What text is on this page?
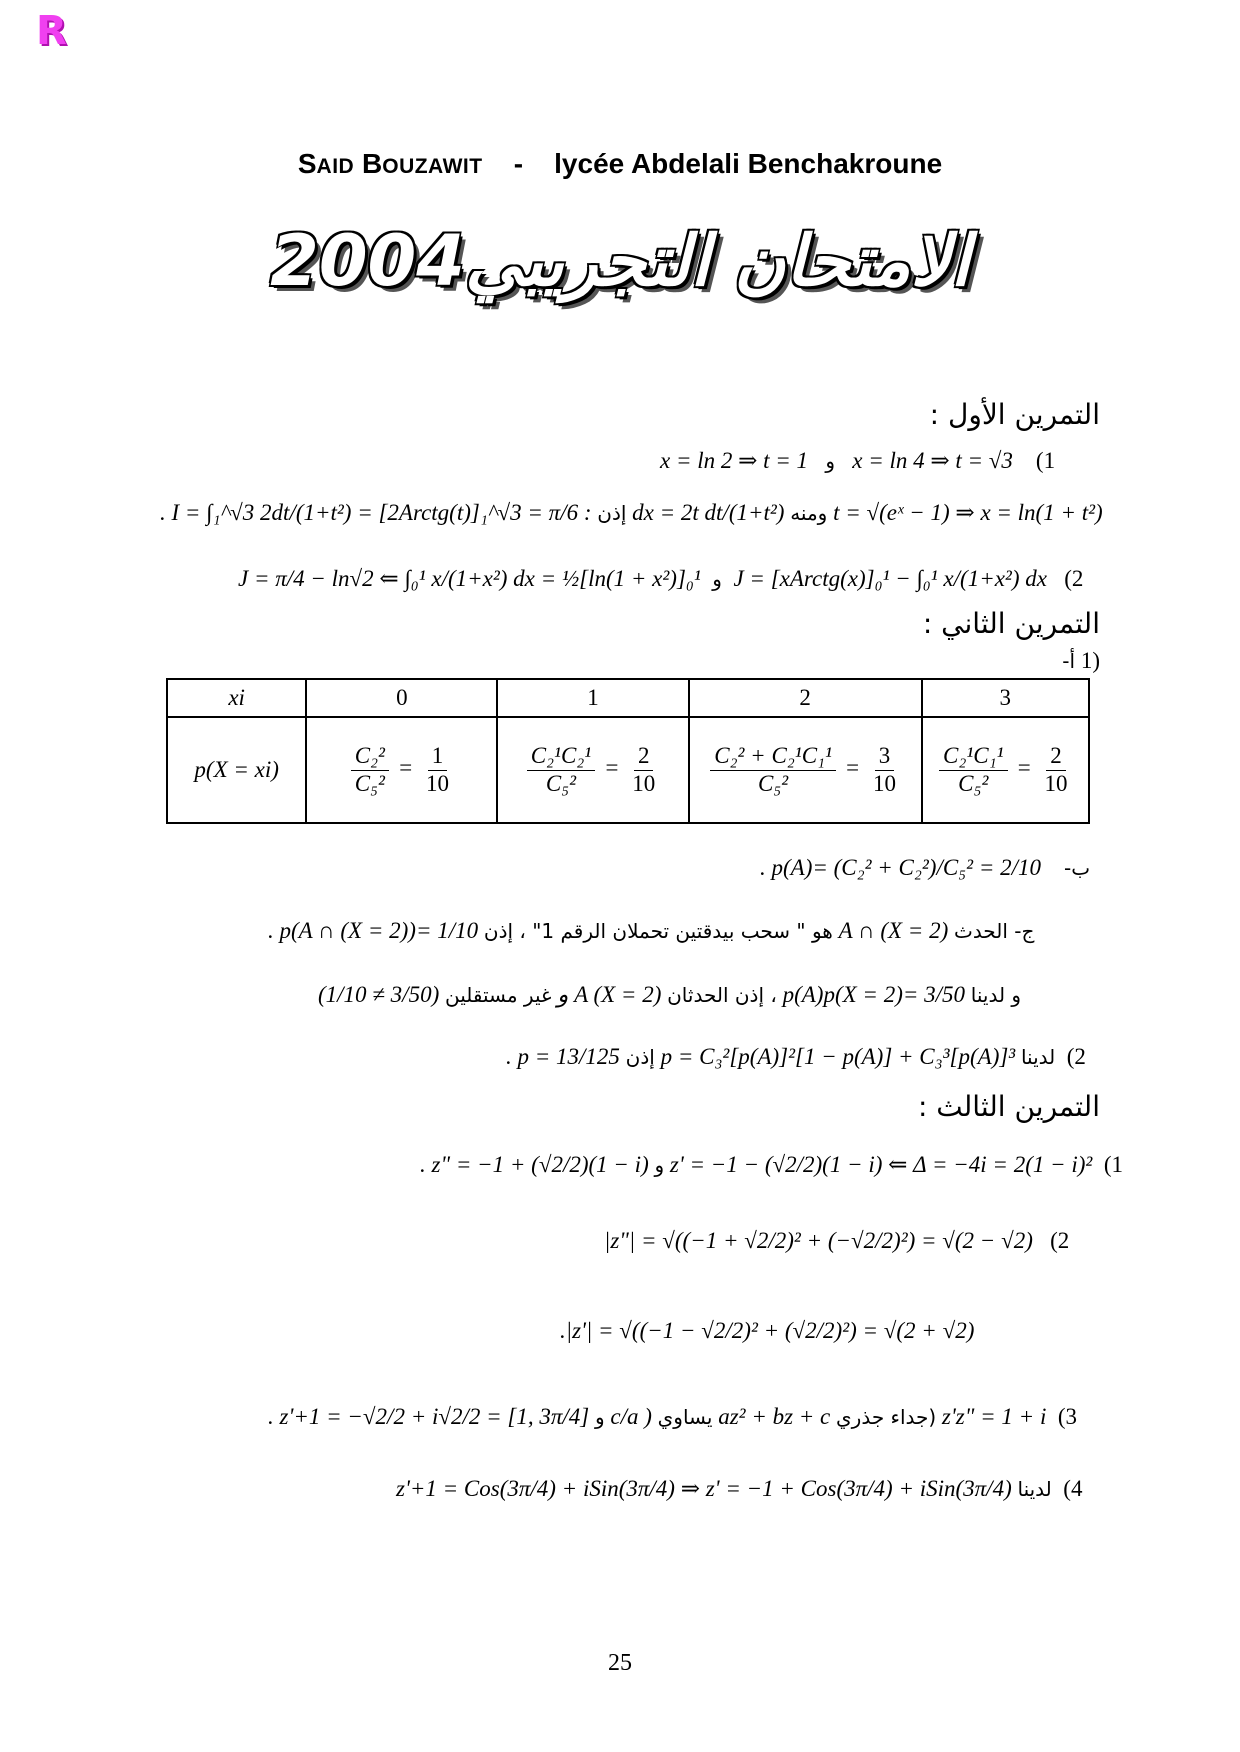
R
SAID BOUZAWIT - lycée Abdelali Benchakroune
الامتحان التجريبي2004
التمرين الأول :
x = ln 2 ⇒ t = 1 و x = ln 4 ⇒ t = √3 (1
. I = ∫₁^√3 2dt/(1+t²) = [2Arctg(t)]₁^√3 = π/6 : إذن dx = 2t dt/(1+t²) ومنه t = √(eˣ − 1) ⇒ x = ln(1 + t²)
J = π/4 − ln√2 ⇐ ∫₀¹ x/(1+x²) dx = ½[ln(1 + x²)]₀¹ و J = [xArctg(x)]₀¹ − ∫₀¹ x/(1+x²) dx (2
التمرين الثاني :
(1 أ-
xi	0	1	2	3
p(X = xi)	$\frac{\text{C₂²}}{\text{C₅²}} = \frac{1}{10}$	$\frac{\text{C₂¹C₂¹}}{\text{C₅²}} = \frac{2}{10}$	$\frac{\text{C₂² + C₂¹C₁¹}}{\text{C₅²}} = \frac{3}{10}$	$\frac{\text{C₂¹C₁¹}}{\text{C₅²}} = \frac{2}{10}$
. p(A)= (C₂² + C₂²)/C₅² = 2/10 ب-
. p(A ∩ (X = 2))= 1/10 هو " سحب بيدقتين تحملان الرقم 1" ، إذن A ∩ (X = 2) ج- الحدث
(1/10 ≠ 3/50) غير مستقلين و A (X = 2) ، إذن الحدثان p(A)p(X = 2)= 3/50 و لدينا
. p = 13/125 إذن p = C₃²[p(A)]²[1 − p(A)] + C₃³[p(A)]³ لدينا (2
التمرين الثالث :
. z" = −1 + (√2/2)(1 − i) و z' = −1 − (√2/2)(1 − i) ⇐ Δ = −4i = 2(1 − i)² (1
|z"| = √((−1 + √2/2)² + (−√2/2)²) = √(2 − √2) (2
.|z'| = √((−1 − √2/2)² + (√2/2)²) = √(2 + √2)
. z'+1 = −√2/2 + i√2/2 = [1, 3π/4] و c/a ) يساوي az² + bz + c (جداء جذري z'z" = 1 + i (3
z'+1 = Cos(3π/4) + iSin(3π/4) ⇒ z' = −1 + Cos(3π/4) + iSin(3π/4) لدينا (4
25
